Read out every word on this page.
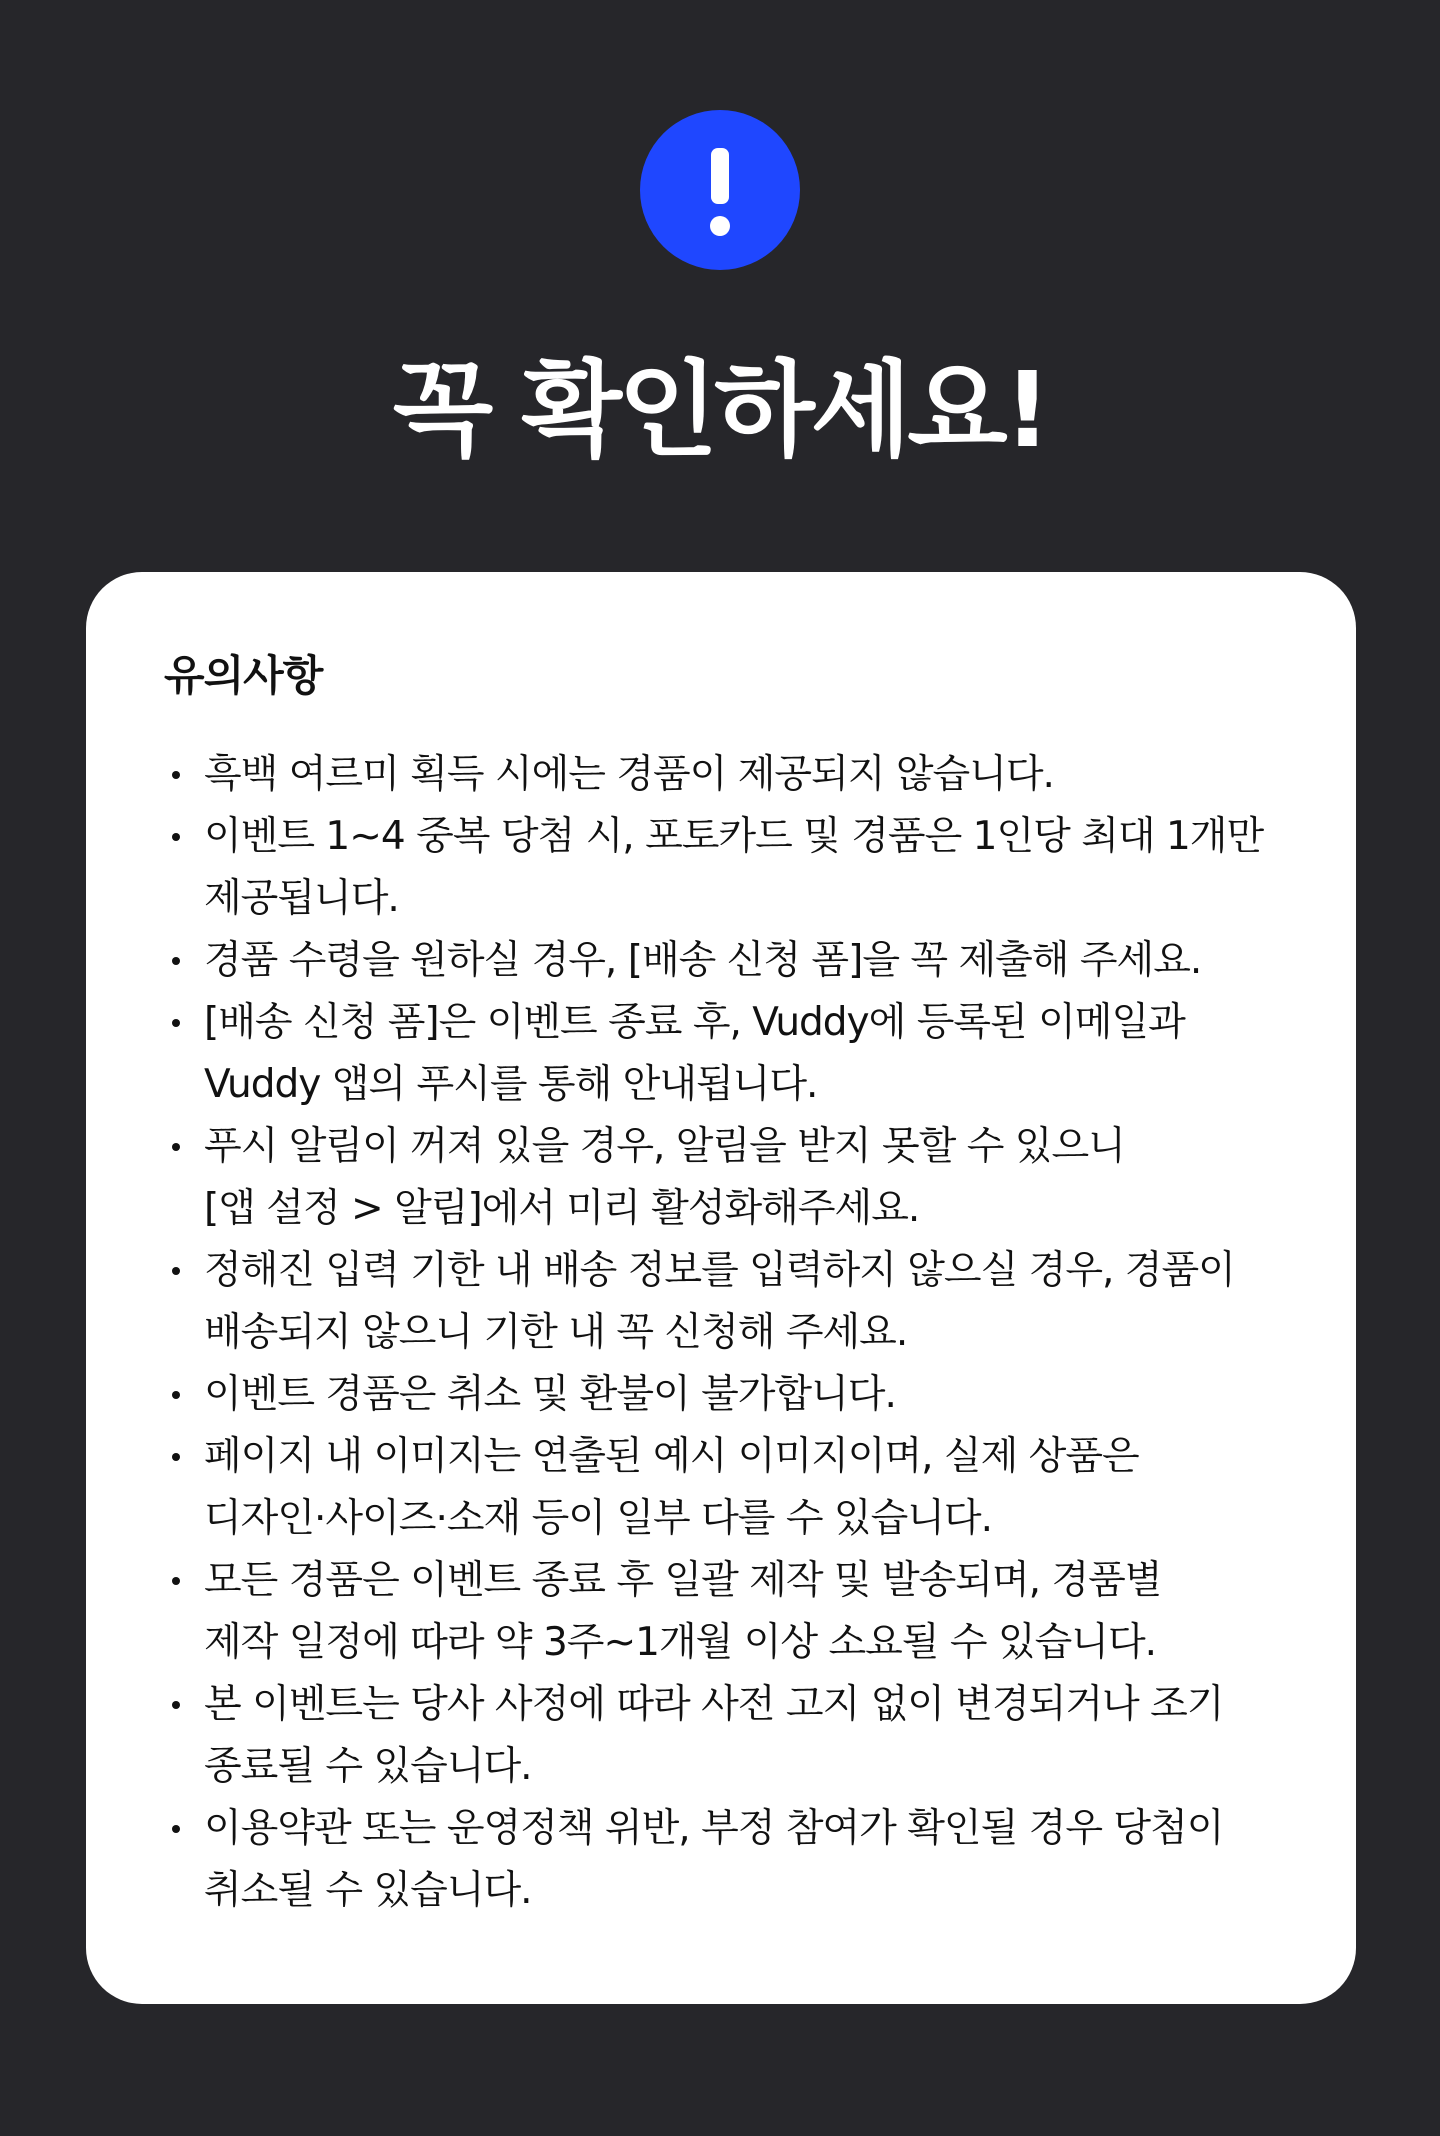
꼭 확인하세요!
유의사항
흑백 여르미 획득 시에는 경품이 제공되지 않습니다.
이벤트 1~4 중복 당첨 시, 포토카드 및 경품은 1인당 최대 1개만
제공됩니다.
경품 수령을 원하실 경우, [배송 신청 폼]을 꼭 제출해 주세요.
[배송 신청 폼]은 이벤트 종료 후, Vuddy에 등록된 이메일과
Vuddy 앱의 푸시를 통해 안내됩니다.
푸시 알림이 꺼져 있을 경우, 알림을 받지 못할 수 있으니
[앱 설정 > 알림]에서 미리 활성화해주세요.
정해진 입력 기한 내 배송 정보를 입력하지 않으실 경우, 경품이
배송되지 않으니 기한 내 꼭 신청해 주세요.
이벤트 경품은 취소 및 환불이 불가합니다.
페이지 내 이미지는 연출된 예시 이미지이며, 실제 상품은
디자인·사이즈·소재 등이 일부 다를 수 있습니다.
모든 경품은 이벤트 종료 후 일괄 제작 및 발송되며, 경품별
제작 일정에 따라 약 3주~1개월 이상 소요될 수 있습니다.
본 이벤트는 당사 사정에 따라 사전 고지 없이 변경되거나 조기
종료될 수 있습니다.
이용약관 또는 운영정책 위반, 부정 참여가 확인될 경우 당첨이
취소될 수 있습니다.
